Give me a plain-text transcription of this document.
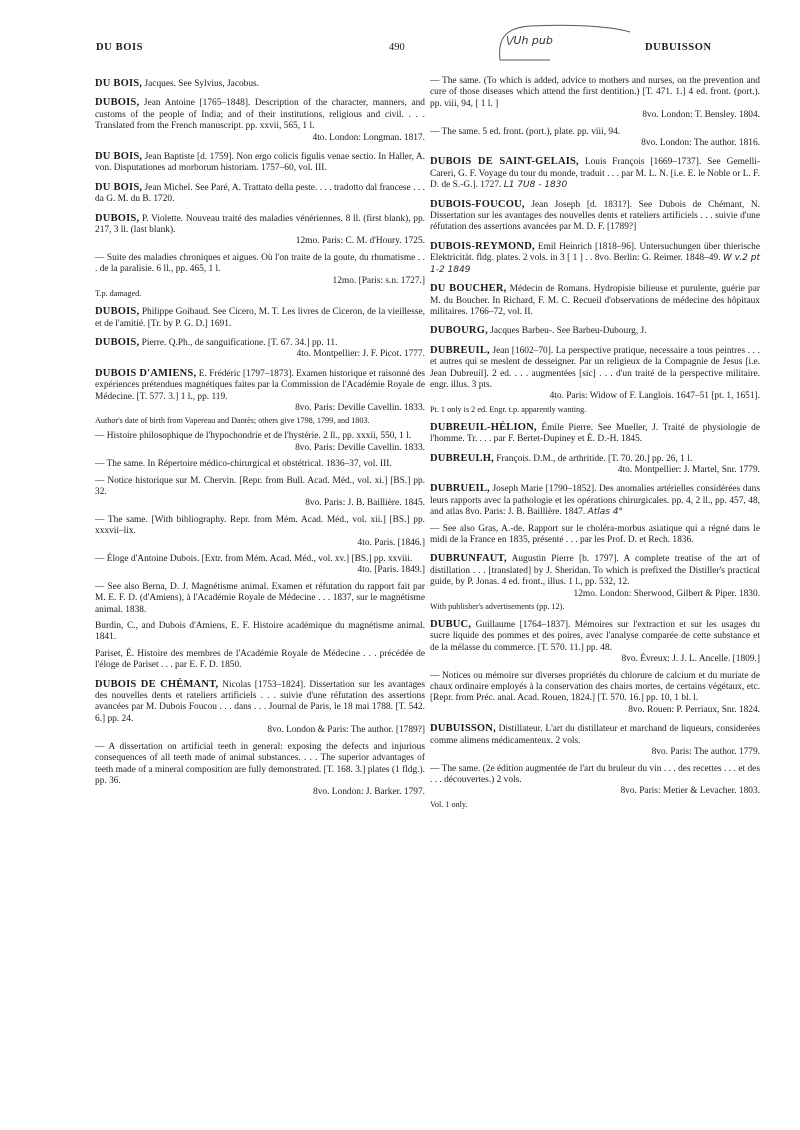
DU BOIS	490
\/Uh pub
DUBUISSON
DU BOIS, Jacques. See Sylvius, Jacobus.
DUBOIS, Jean Antoine [1765–1848]. Description of the character, manners, and customs of the people of India; and of their institutions, religious and civil. . . . Translated from the French manuscript. pp. xxvii, 565, 1 l.
4to. London: Longman. 1817.
DU BOIS, Jean Baptiste [d. 1759]. Non ergo colicis figulis venae sectio. In Haller, A. von. Disputationes ad morborum historiam. 1757–60, vol. III.
DU BOIS, Jean Michel. See Paré, A. Trattato della peste. . . . tradotto dal francese . . . da G. M. du B. 1720.
DUBOIS, P. Violette. Nouveau traité des maladies vénériennes. 8 ll. (first blank), pp. 217, 3 ll. (last blank).
12mo. Paris: C. M. d'Houry. 1725.
— Suite des maladies chroniques et aigues. Où l'on traite de la goute, du rhumatisme . . . de la paralisie. 6 ll., pp. 465, 1 l.
12mo. [Paris: s.n. 1727.]
T.p. damaged.
DUBOIS, Philippe Goibaud. See Cicero, M. T. Les livres de Ciceron, de la vieillesse, et de l'amitié. [Tr. by P. G. D.] 1691.
DUBOIS, Pierre. Q.Ph., de sanguificatione. [T. 67. 34.] pp. 11.
4to. Montpellier: J. F. Picot. 1777.
DUBOIS D'AMIENS, E. Frédéric [1797–1873]. Examen historique et raisonné des expériences prétendues magnétiques faites par la Commission de l'Académie Royale de Médecine. [T. 577. 3.] 1 l., pp. 119.
8vo. Paris: Deville Cavellin. 1833.
Author's date of birth from Vapereau and Dantès; others give 1798, 1799, and 1803.
— Histoire philosophique de l'hypochondrie et de l'hystérie. 2 ll., pp. xxxii, 550, 1 l.
8vo. Paris: Deville Cavellin. 1833.
— The same. In Répertoire médico-chirurgical et obstétrical. 1836–37, vol. III.
— Notice historique sur M. Chervin. [Repr. from Bull. Acad. Méd., vol. xi.] [BS.] pp. 32.
8vo. Paris: J. B. Baillière. 1845.
— The same. [With bibliography. Repr. from Mém. Acad. Méd., vol. xii.] [BS.] pp. xxxvii–lix.
4to. Paris. [1846.]
— Éloge d'Antoine Dubois. [Extr. from Mém. Acad. Méd., vol. xv.] [BS.] pp. xxviii.
4to. [Paris. 1849.]
— See also Berna, D. J. Magnétisme animal. Examen et réfutation du rapport fait par M. E. F. D. (d'Amiens), à l'Académie Royale de Médecine . . . 1837, sur le magnétisme animal. 1838.
Burdin, C., and Dubois d'Amiens, E. F. Histoire académique du magnétisme animal. 1841.
Pariset, É. Histoire des membres de l'Académie Royale de Médecine . . . précédée de l'éloge de Pariset . . . par E. F. D. 1850.
DUBOIS DE CHÉMANT, Nicolas [1753–1824]. Dissertation sur les avantages des nouvelles dents et rateliers artificiels . . . suivie d'une réfutation des assertions avancées par M. Dubois Foucou . . . dans . . . Journal de Paris, le 18 mai 1788. [T. 542. 6.] pp. 24.
8vo. London & Paris: The author. [1789?]
— A dissertation on artificial teeth in general: exposing the defects and injurious consequences of all teeth made of animal substances. . . . The superior advantages of teeth made of a mineral composition are fully demonstrated. [T. 168. 3.] plates (1 fldg.). pp. 36.
8vo. London: J. Barker. 1797.
— The same. (To which is added, advice to mothers and nurses, on the prevention and cure of those diseases which attend the first dentition.) [T. 471. 1.] 4 ed. front. (port.). pp. viii, 94, [ 1 l. ]
8vo. London: T. Bensley. 1804.
— The same. 5 ed. front. (port.), plate. pp. viii, 94.
8vo. London: The author. 1816.
DUBOIS DE SAINT-GELAIS, Louis François [1669–1737]. See Gemelli-Careri, G. F. Voyage du tour du monde, traduit . . . par M. L. N. [i.e. E. le Noble or L. F. D. de S.-G.]. 1727. L1 7U8 - 1830
DUBOIS-FOUCOU, Jean Joseph [d. 1831?]. See Dubois de Chémant, N. Dissertation sur les avantages des nouvelles dents et rateliers artificiels . . . suivie d'une réfutation des assertions avancées par M. D. F. [1789?]
DUBOIS-REYMOND, Emil Heinrich [1818–96]. Untersuchungen über thierische Elektricität. fldg. plates. 2 vols. in 3 [ 1 ] . . 8vo. Berlin: G. Reimer. 1848–49. W v.2 pt 1-2 1849
DU BOUCHER, Médecin de Romans. Hydropisie bilieuse et purulente, guérie par M. du Boucher. In Richard, F. M. C. Recueil d'observations de médecine des hôpitaux militaires. 1766–72, vol. II.
DUBOURG, Jacques Barbeu-. See Barbeu-Dubourg, J.
DUBREUIL, Jean [1602–70]. La perspective pratique, necessaire a tous peintres . . . et autres qui se meslent de desseigner. Par un religieux de la Compagnie de Jesus [i.e. Jean Dubreuil]. 2 ed. . . . augmentées [sic] . . . d'un traité de la perspective militaire. engr. illus. 3 pts.
4to. Paris: Widow of F. Langlois. 1647–51 [pt. 1, 1651].
Pt. 1 only is 2 ed. Engr. t.p. apparently wanting.
DUBREUIL-HÉLION, Émile Pierre. See Mueller, J. Traité de physiologie de l'homme. Tr. . . . par F. Bertet-Dupiney et É. D.-H. 1845.
DUBREULH, François. D.M., de arthritide. [T. 70. 20.] pp. 26, 1 l.
4to. Montpellier: J. Martel, Snr. 1779.
DUBRUEIL, Joseph Marie [1790–1852]. Des anomalies artérielles considérées dans leurs rapports avec la pathologie et les opérations chirurgicales. pp. 4, 2 ll., pp. 457, 48, and atlas 8vo. Paris: J. B. Baillière. 1847. Atlas 4°
— See also Gras, A.-de. Rapport sur le choléra-morbus asiatique qui a régné dans le midi de la France en 1835, présenté . . . par les Prof. D. et Rech. 1836.
DUBRUNFAUT, Augustin Pierre [b. 1797]. A complete treatise of the art of distillation . . . [translated] by J. Sheridan. To which is prefixed the Distiller's practical guide, by P. Jonas. 4 ed. front., illus. 1 l., pp. 532, 12.
12mo. London: Sherwood, Gilbert & Piper. 1830.
With publisher's advertisements (pp. 12).
DUBUC, Guillaume [1764–1837]. Mémoires sur l'extraction et sur les usages du sucre liquide des pommes et des poires, avec l'analyse comparée de cette substance et de la mélasse du commerce. [T. 570. 11.] pp. 48.
8vo. Évreux: J. J. L. Ancelle. [1809.]
— Notices ou mémoire sur diverses propriétés du chlorure de calcium et du muriate de chaux ordinaire employés à la conservation des chairs mortes, de certains végétaux, etc. [Repr. from Préc. anal. Acad. Rouen, 1824.] [T. 570. 16.] pp. 10, 1 bl. l.
8vo. Rouen: P. Perriaux, Snr. 1824.
DUBUISSON, Distillateur. L'art du distillateur et marchand de liqueurs, considerées comme alimens médicamenteux. 2 vols.
8vo. Paris: The author. 1779.
— The same. (2e édition augmentée de l'art du bruleur du vin . . . des recettes . . . et des . . . découvertes.) 2 vols.
8vo. Paris: Metier & Levacher. 1803.
Vol. 1 only.
